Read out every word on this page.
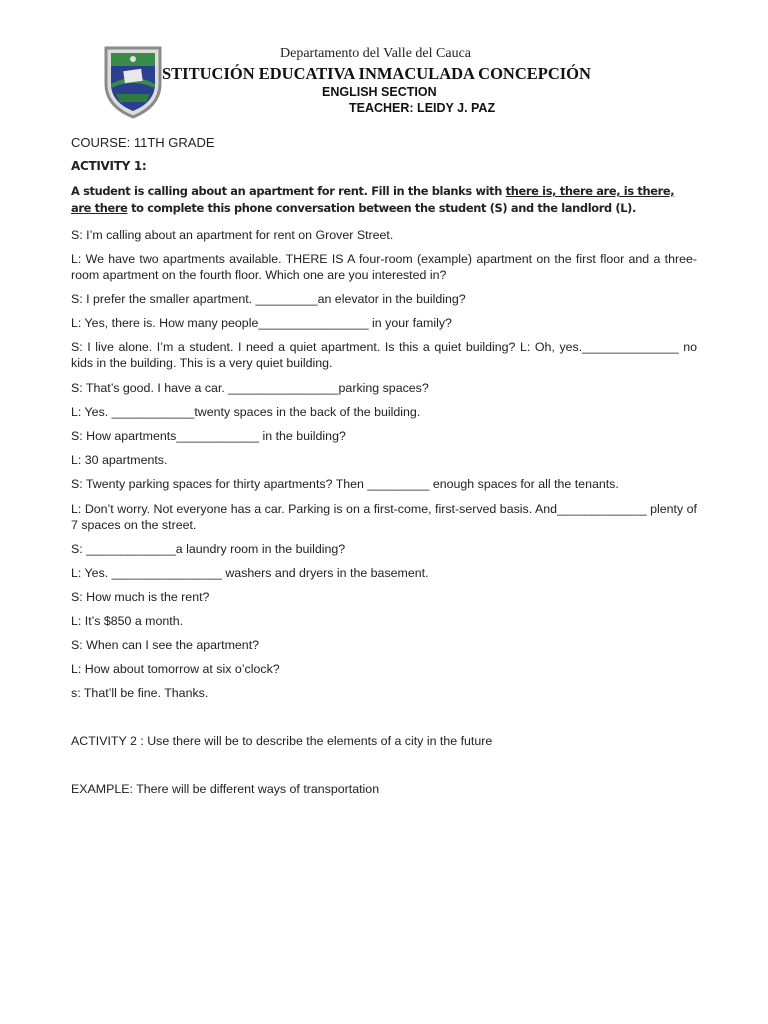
Departamento del Valle del Cauca
STITUCIÓN EDUCATIVA INMACULADA CONCEPCIÓN
ENGLISH SECTION
TEACHER: LEIDY J. PAZ
COURSE: 11TH GRADE
ACTIVITY 1:
A student is calling about an apartment for rent. Fill in the blanks with there is, there are, is there, are there to complete this phone conversation between the student (S) and the landlord (L).
S: I’m calling about an apartment for rent on Grover Street.
L: We have two apartments available. THERE IS A four-room (example) apartment on the first floor and a three-room apartment on the fourth floor. Which one are you interested in?
S: I prefer the smaller apartment. _________an elevator in the building?
L: Yes, there is. How many people________________ in your family?
S: I live alone. I’m a student. I need a quiet apartment. Is this a quiet building? L: Oh, yes.______________ no kids in the building. This is a very quiet building.
S: That’s good. I have a car. ________________parking spaces?
L: Yes. ____________twenty spaces in the back of the building.
S: How apartments____________ in the building?
L: 30 apartments.
S: Twenty parking spaces for thirty apartments? Then _________ enough spaces for all the tenants.
L: Don’t worry. Not everyone has a car. Parking is on a first-come, first-served basis. And_____________ plenty of 7 spaces on the street.
S: _____________a laundry room in the building?
L: Yes. ________________ washers and dryers in the basement.
S: How much is the rent?
L: It’s $850 a month.
S: When can I see the apartment?
L: How about tomorrow at six o’clock?
s: That’ll be fine. Thanks.
ACTIVITY 2 : Use there will be to describe the elements of a city in the future
EXAMPLE: There will be different ways of transportation
